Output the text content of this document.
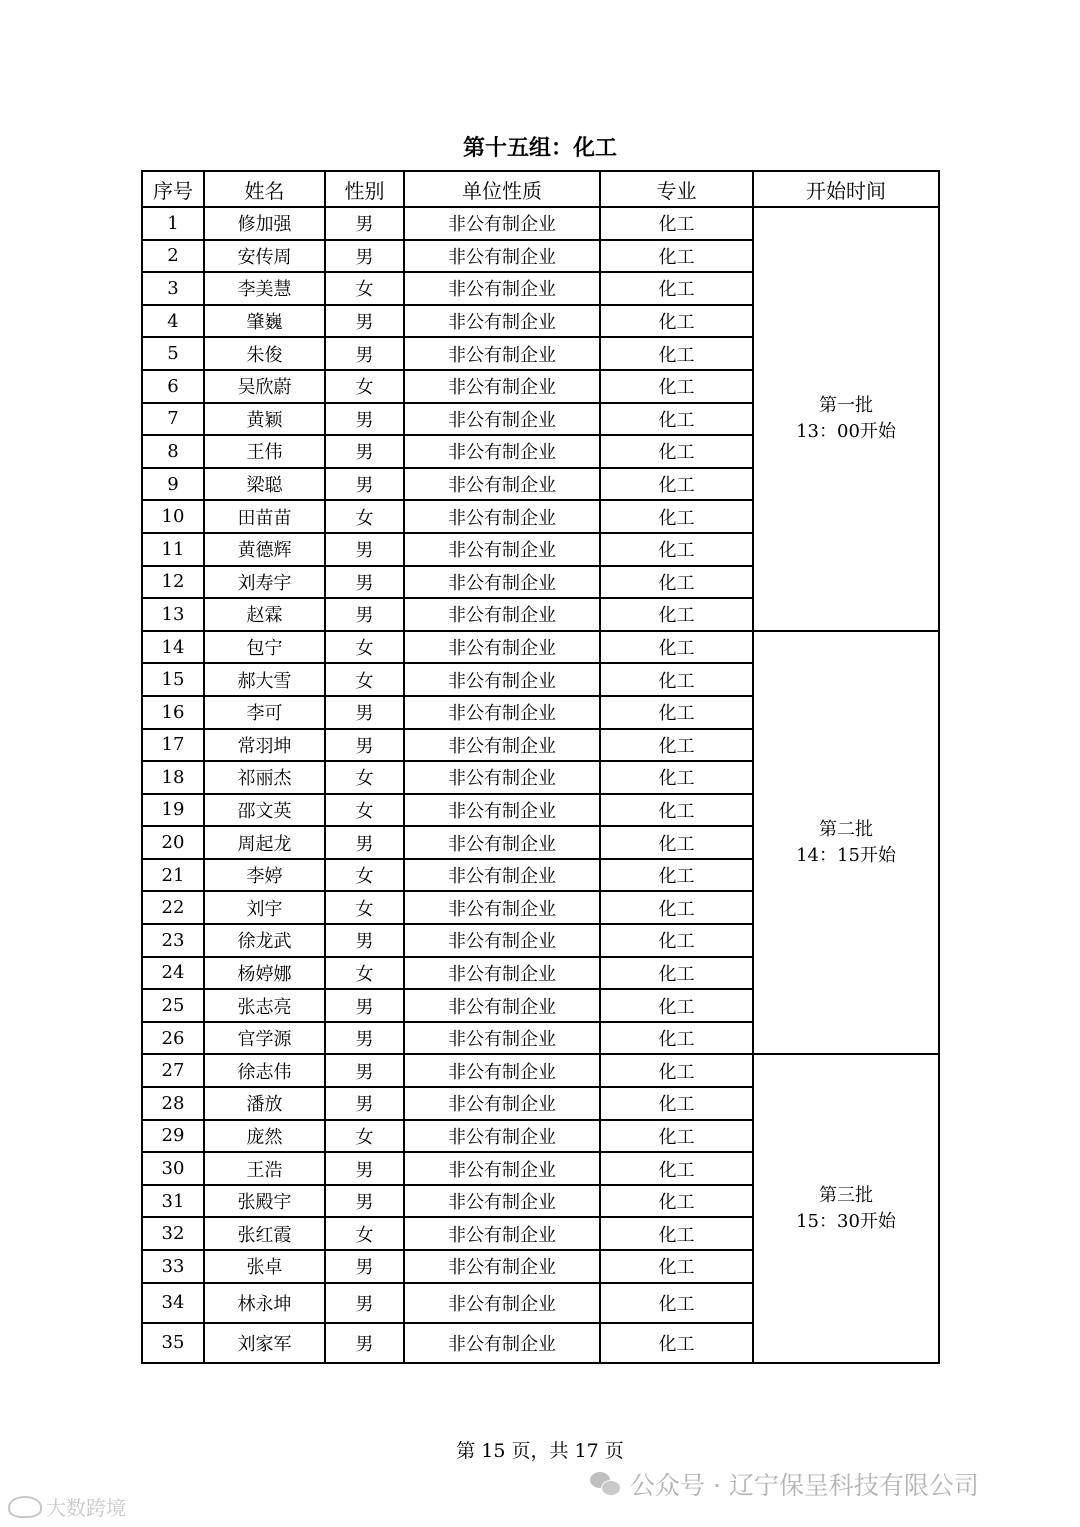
第十五组：化工
序号	姓名	性别	单位性质	专业	开始时间
1	修加强	男	非公有制企业	化工	第一批
13：00开始

2	安传周	男	非公有制企业	化工	
3	李美慧	女	非公有制企业	化工	
4	肇巍	男	非公有制企业	化工	
5	朱俊	男	非公有制企业	化工	
6	吴欣蔚	女	非公有制企业	化工	
7	黄颖	男	非公有制企业	化工	
8	王伟	男	非公有制企业	化工	
9	梁聪	男	非公有制企业	化工	
10	田苗苗	女	非公有制企业	化工	
11	黄德辉	男	非公有制企业	化工	
12	刘寿宇	男	非公有制企业	化工	
13	赵霖	男	非公有制企业	化工	
14	包宁	女	非公有制企业	化工	第二批
14：15开始

15	郝大雪	女	非公有制企业	化工	
16	李可	男	非公有制企业	化工	
17	常羽坤	男	非公有制企业	化工	
18	祁丽杰	女	非公有制企业	化工	
19	邵文英	女	非公有制企业	化工	
20	周起龙	男	非公有制企业	化工	
21	李婷	女	非公有制企业	化工	
22	刘宇	女	非公有制企业	化工	
23	徐龙武	男	非公有制企业	化工	
24	杨婷娜	女	非公有制企业	化工	
25	张志亮	男	非公有制企业	化工	
26	官学源	男	非公有制企业	化工	
27	徐志伟	男	非公有制企业	化工	第三批
15：30开始

28	潘放	男	非公有制企业	化工	
29	庞然	女	非公有制企业	化工	
30	王浩	男	非公有制企业	化工	
31	张殿宇	男	非公有制企业	化工	
32	张红霞	女	非公有制企业	化工	
33	张卓	男	非公有制企业	化工	
34	林永坤	男	非公有制企业	化工	
35	刘家军	男	非公有制企业	化工	
第 15 页，共 17 页
公众号 · 辽宁保呈科技有限公司
大数跨境
